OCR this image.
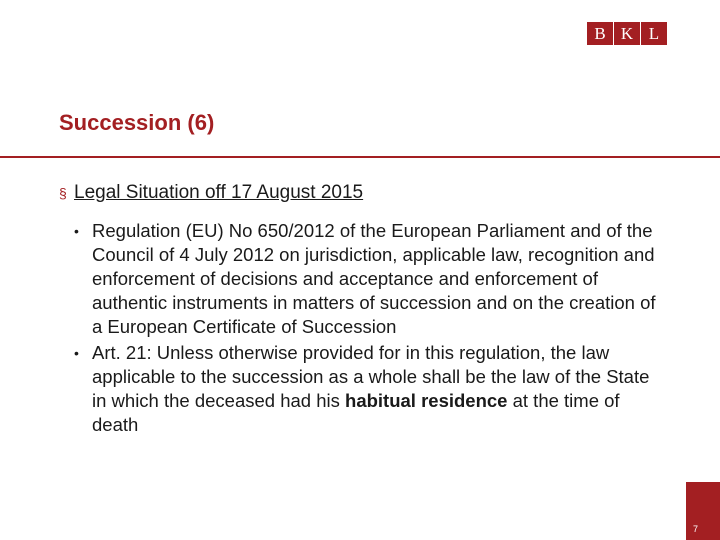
B K L
Succession (6)
§ Legal Situation off 17 August 2015
• Regulation (EU) No 650/2012 of the European Parliament and of the Council of 4 July 2012 on jurisdiction, applicable law, recognition and enforcement of decisions and acceptance and enforcement of authentic instruments in matters of succession and on the creation of a European Certificate of Succession
• Art. 21: Unless otherwise provided for in this regulation, the law applicable to the succession as a whole shall be the law of the State in which the deceased had his habitual residence at the time of death
7
